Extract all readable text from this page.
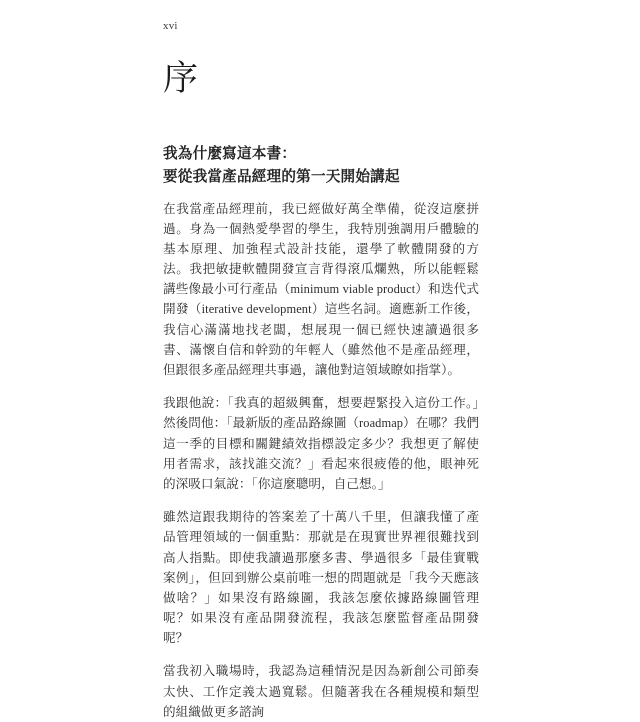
xvi
序
我為什麼寫這本書：
要從我當產品經理的第一天開始講起

在我當產品經理前，我已經做好萬全準備，從沒這麼拼過。身為一個熱愛學習的學生，我特別強調用戶體驗的基本原理、加強程式設計技能，還學了軟體開發的方法。我把敏捷軟體開發宣言背得滾瓜爛熟，所以能輕鬆講些像最小可行產品（minimum viable product）和迭代式開發（iterative development）這些名詞。適應新工作後，我信心滿滿地找老闆，想展現一個已經快速讀過很多書、滿懷自信和幹勁的年輕人（雖然他不是產品經理，但跟很多產品經理共事過，讓他對這領域瞭如指掌）。

我跟他說：「我真的超級興奮，想要趕緊投入這份工作。」然後問他：「最新版的產品路線圖（roadmap）在哪？我們這一季的目標和關鍵績效指標設定多少？我想更了解使用者需求，該找誰交流？」看起來很疲倦的他，眼神死的深吸口氣說：「你這麼聰明，自己想。」

雖然這跟我期待的答案差了十萬八千里，但讓我懂了產品管理領域的一個重點：那就是在現實世界裡很難找到高人指點。即使我讀過那麼多書、學過很多「最佳實戰案例」，但回到辦公桌前唯一想的問題就是「我今天應該做啥？」如果沒有路線圖，我該怎麼依據路線圖管理呢？如果沒有產品開發流程，我該怎麼監督產品開發呢？

當我初入職場時，我認為這種情況是因為新創公司節奏太快、工作定義太過寬鬆。但隨著我在各種規模和類型的組織做更多諮詢
